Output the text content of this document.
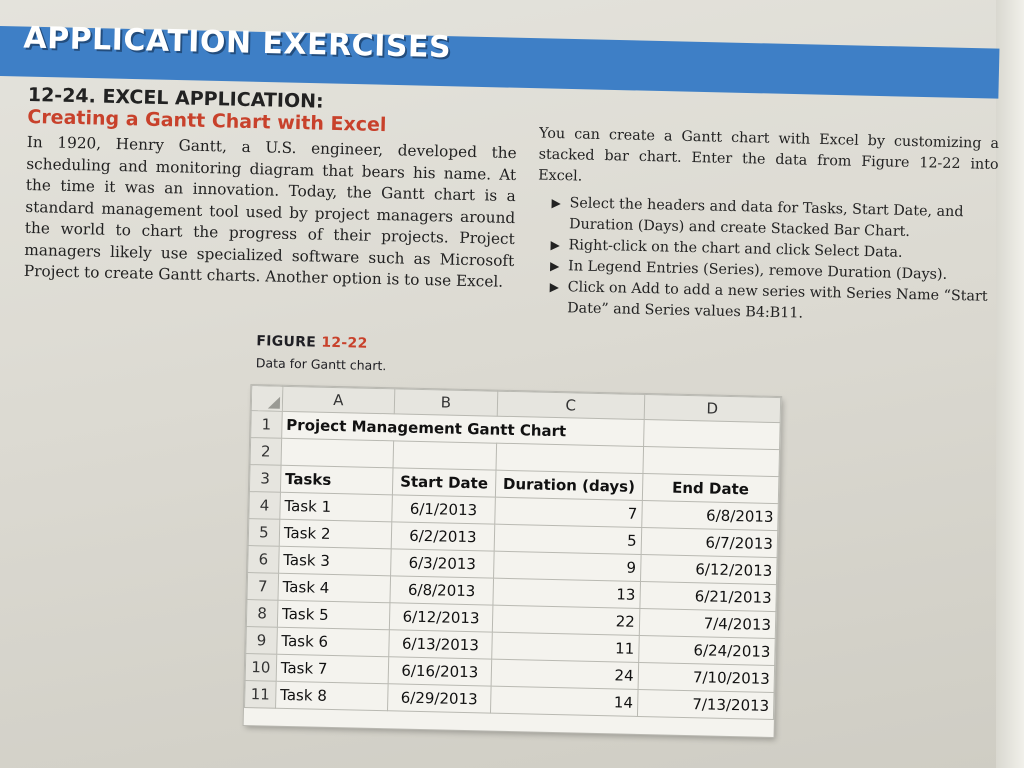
APPLICATION EXERCISES
12-24. EXCEL APPLICATION:
Creating a Gantt Chart with Excel
In 1920, Henry Gantt, a U.S. engineer, developed the scheduling and monitoring diagram that bears his name. At the time it was an innovation. Today, the Gantt chart is a standard management tool used by project managers around the world to chart the progress of their projects. Project managers likely use specialized software such as Microsoft Project to create Gantt charts. Another option is to use Excel.
You can create a Gantt chart with Excel by customizing a stacked bar chart. Enter the data from Figure 12-22 into Excel.
▶ Select the headers and data for Tasks, Start Date, and Duration (Days) and create Stacked Bar Chart.
▶ Right-click on the chart and click Select Data.
▶ In Legend Entries (Series), remove Duration (Days).
▶ Click on Add to add a new series with Series Name “Start Date” and Series values B4:B11.
FIGURE 12-22
Data for Gantt chart.
	A	B	C	D
1	Project Management Gantt Chart			
2				
3	Tasks	Start Date	Duration (days)	End Date
4	Task 1	6/1/2013	7	6/8/2013
5	Task 2	6/2/2013	5	6/7/2013
6	Task 3	6/3/2013	9	6/12/2013
7	Task 4	6/8/2013	13	6/21/2013
8	Task 5	6/12/2013	22	7/4/2013
9	Task 6	6/13/2013	11	6/24/2013
10	Task 7	6/16/2013	24	7/10/2013
11	Task 8	6/29/2013	14	7/13/2013
